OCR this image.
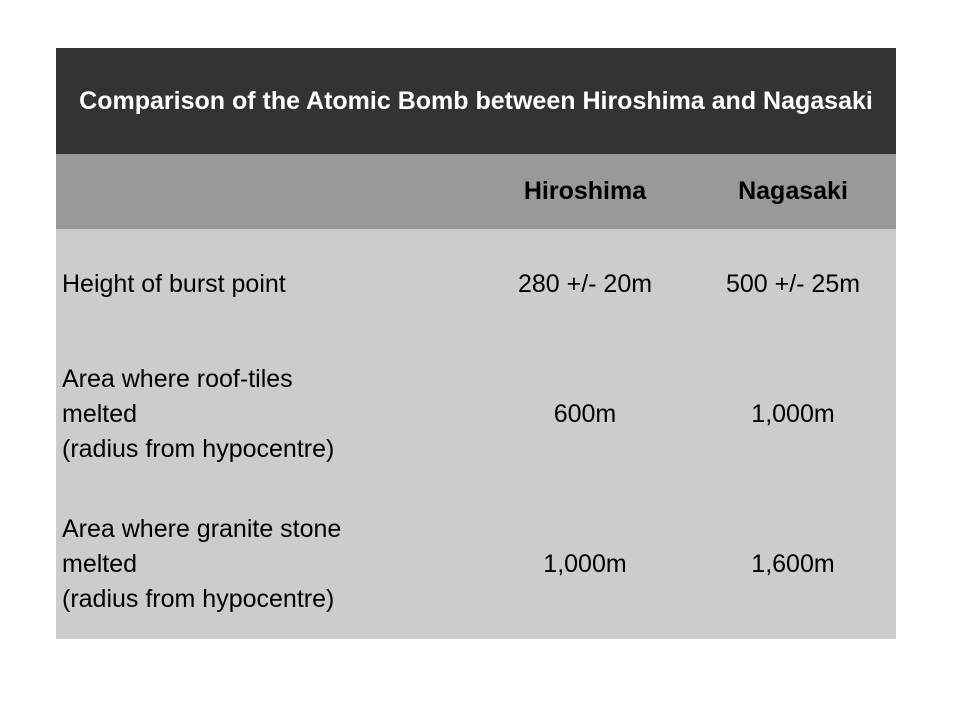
Comparison of the Atomic Bomb between Hiroshima and Nagasaki		
	Hiroshima	Nagasaki

Height of burst point	280 +/- 20m	500 +/- 25m

Area where roof-tiles
melted
(radius from hypocentre)	600m	1,000m

Area where granite stone
melted
(radius from hypocentre)	1,000m	1,600m
